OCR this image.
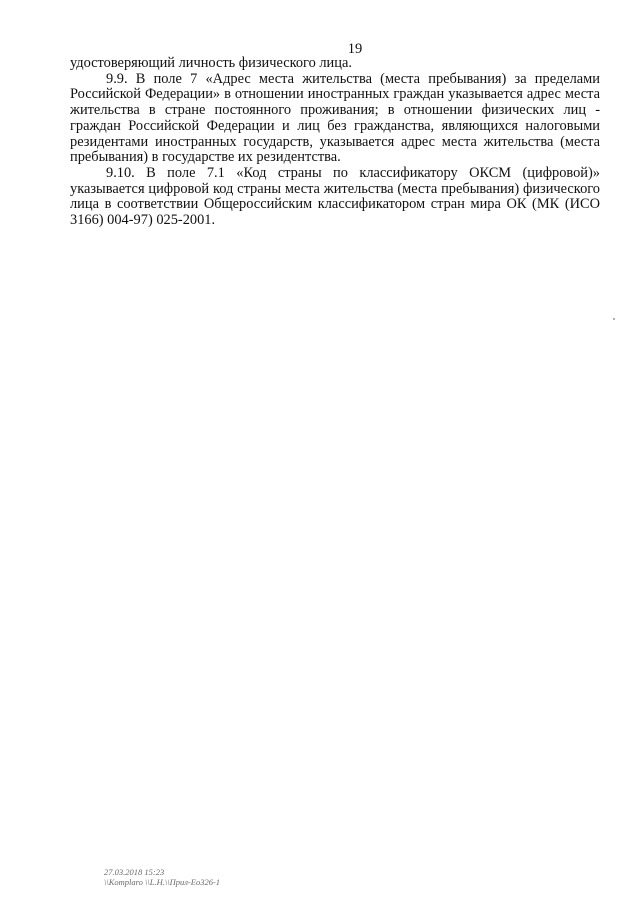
19

удостоверяющий личность физического лица.

9.9. В поле 7 «Адрес места жительства (места пребывания) за пределами Российской Федерации» в отношении иностранных граждан указывается адрес места жительства в стране постоянного проживания; в отношении физических лиц - граждан Российской Федерации и лиц без гражданства, являющихся налоговыми резидентами иностранных государств, указывается адрес места жительства (места пребывания) в государстве их резидентства.

9.10. В поле 7.1 «Код страны по классификатору ОКСМ (цифровой)» указывается цифровой код страны места жительства (места пребывания) физического лица в соответствии Общероссийским классификатором стран мира ОК (МК (ИСО 3166) 004-97) 025-2001.

27.03.2018 15:23
\\Komplaro \\L.Н.\\Прил-Ео326-1
